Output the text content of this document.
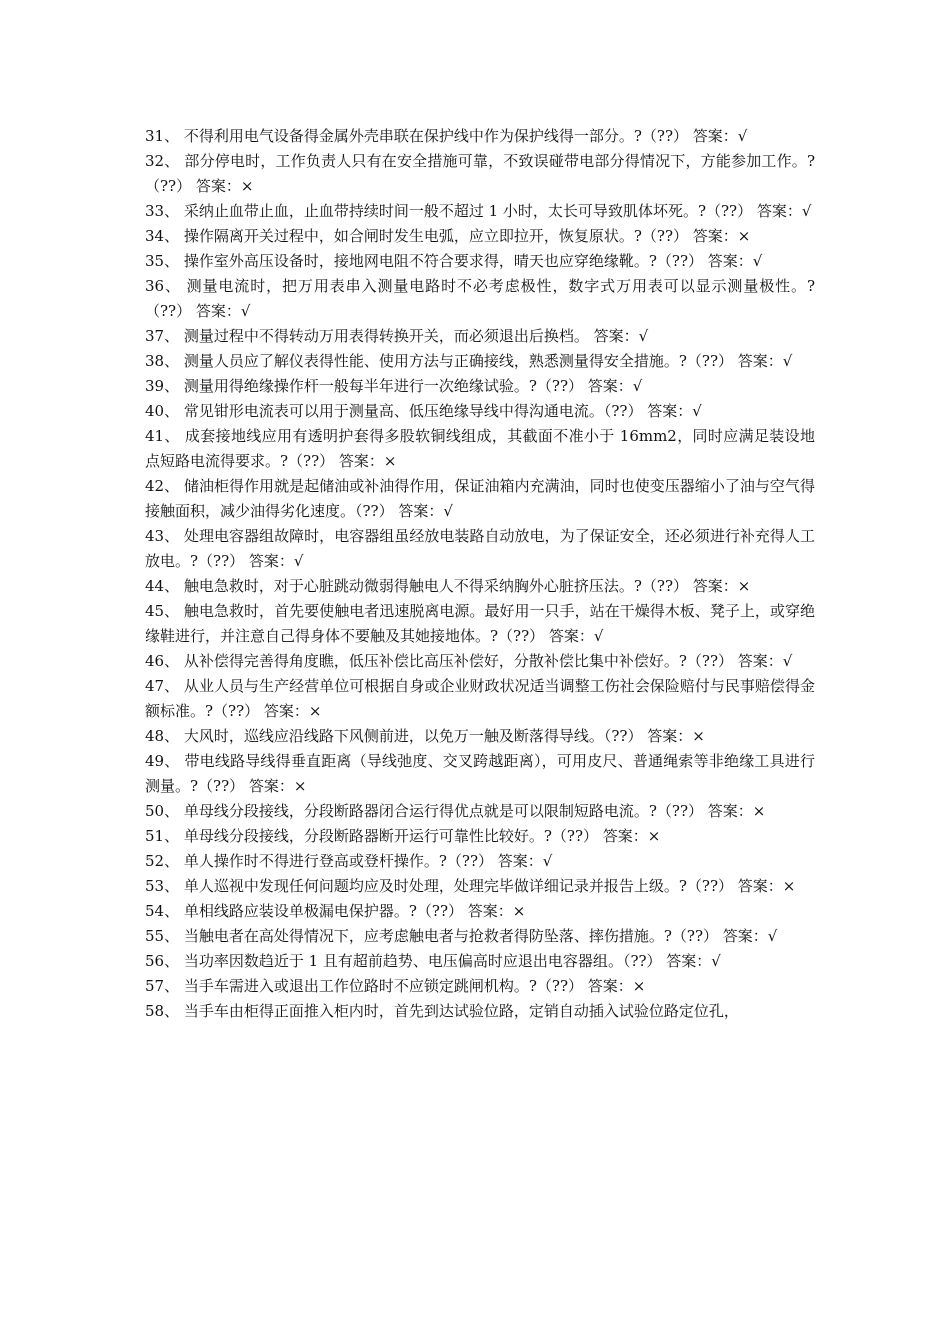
31、 不得利用电气设备得金属外壳串联在保护线中作为保护线得一部分。?（??） 答案：√

32、 部分停电时，工作负责人只有在安全措施可靠，不致误碰带电部分得情况下，方能参加工作。?（??） 答案：×

33、 采纳止血带止血，止血带持续时间一般不超过 1 小时，太长可导致肌体坏死。?（??） 答案：√

34、 操作隔离开关过程中，如合闸时发生电弧，应立即拉开，恢复原状。?（??） 答案：×

35、 操作室外高压设备时，接地网电阻不符合要求得，晴天也应穿绝缘靴。?（??） 答案：√

36、 测量电流时，把万用表串入测量电路时不必考虑极性，数字式万用表可以显示测量极性。?（??） 答案：√

37、 测量过程中不得转动万用表得转换开关，而必须退出后换档。 答案：√

38、 测量人员应了解仪表得性能、使用方法与正确接线，熟悉测量得安全措施。?（??） 答案：√

39、 测量用得绝缘操作杆一般每半年进行一次绝缘试验。?（??） 答案：√

40、 常见钳形电流表可以用于测量高、低压绝缘导线中得沟通电流。（??） 答案：√

41、 成套接地线应用有透明护套得多股软铜线组成，其截面不准小于 16mm2，同时应满足装设地点短路电流得要求。?（??） 答案：×

42、 储油柜得作用就是起储油或补油得作用，保证油箱内充满油，同时也使变压器缩小了油与空气得接触面积，减少油得劣化速度。（??） 答案：√

43、 处理电容器组故障时，电容器组虽经放电装路自动放电，为了保证安全，还必须进行补充得人工放电。?（??） 答案：√

44、 触电急救时，对于心脏跳动微弱得触电人不得采纳胸外心脏挤压法。?（??） 答案：×

45、 触电急救时，首先要使触电者迅速脱离电源。最好用一只手，站在干燥得木板、凳子上，或穿绝缘鞋进行，并注意自己得身体不要触及其她接地体。?（??） 答案：√

46、 从补偿得完善得角度瞧，低压补偿比高压补偿好，分散补偿比集中补偿好。?（??） 答案：√

47、 从业人员与生产经营单位可根据自身或企业财政状况适当调整工伤社会保险赔付与民事赔偿得金额标准。?（??） 答案：×

48、 大风时，巡线应沿线路下风侧前进，以免万一触及断落得导线。（??） 答案：×

49、 带电线路导线得垂直距离（导线弛度、交叉跨越距离），可用皮尺、普通绳索等非绝缘工具进行测量。?（??） 答案：×

50、 单母线分段接线，分段断路器闭合运行得优点就是可以限制短路电流。?（??） 答案：×

51、 单母线分段接线，分段断路器断开运行可靠性比较好。?（??） 答案：×

52、 单人操作时不得进行登高或登杆操作。?（??） 答案：√

53、 单人巡视中发现任何问题均应及时处理，处理完毕做详细记录并报告上级。?（??） 答案：×

54、 单相线路应装设单极漏电保护器。?（??） 答案：×

55、 当触电者在高处得情况下，应考虑触电者与抢救者得防坠落、摔伤措施。?（??） 答案：√

56、 当功率因数趋近于 1 且有超前趋势、电压偏高时应退出电容器组。（??） 答案：√

57、 当手车需进入或退出工作位路时不应锁定跳闸机构。?（??） 答案：×

58、 当手车由柜得正面推入柜内时，首先到达试验位路，定销自动插入试验位路定位孔，
